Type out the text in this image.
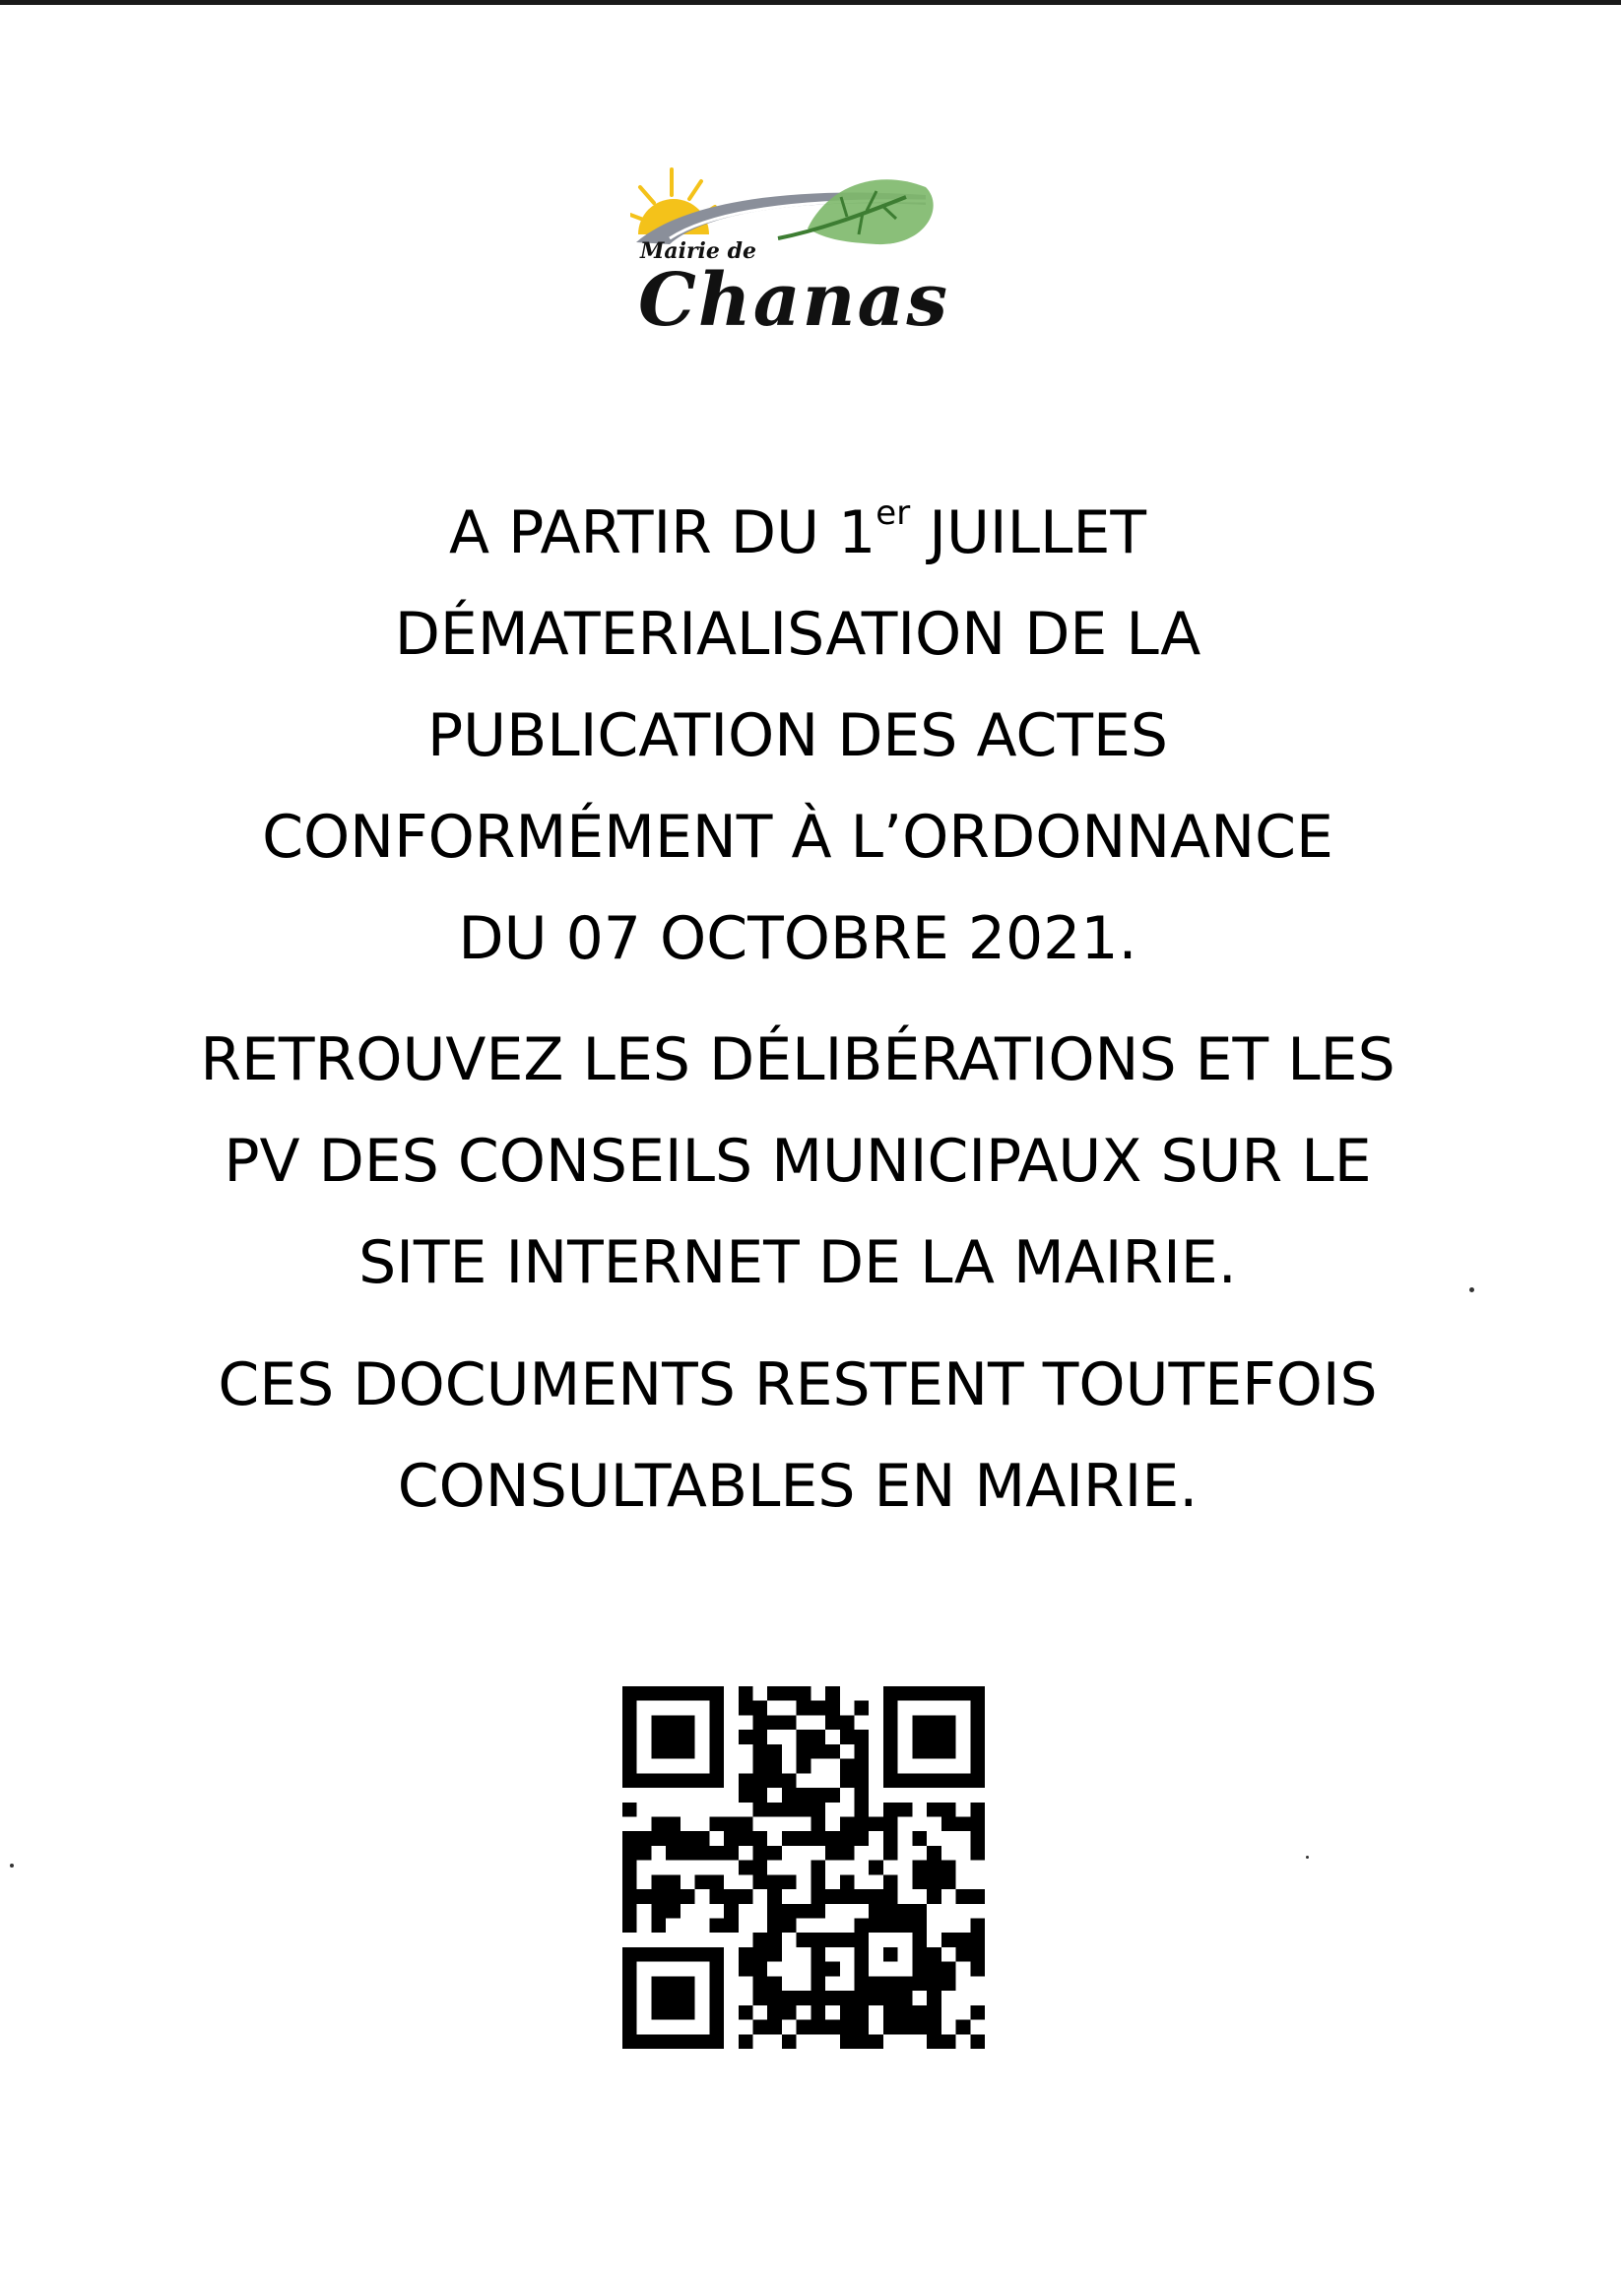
Mairie de
Chanas
A PARTIR DU 1er JUILLET
DÉMATERIALISATION DE LA
PUBLICATION DES ACTES
CONFORMÉMENT À L’ORDONNANCE
DU 07 OCTOBRE 2021.
RETROUVEZ LES DÉLIBÉRATIONS ET LES
PV DES CONSEILS MUNICIPAUX SUR LE
SITE INTERNET DE LA MAIRIE.
CES DOCUMENTS RESTENT TOUTEFOIS
CONSULTABLES EN MAIRIE.
